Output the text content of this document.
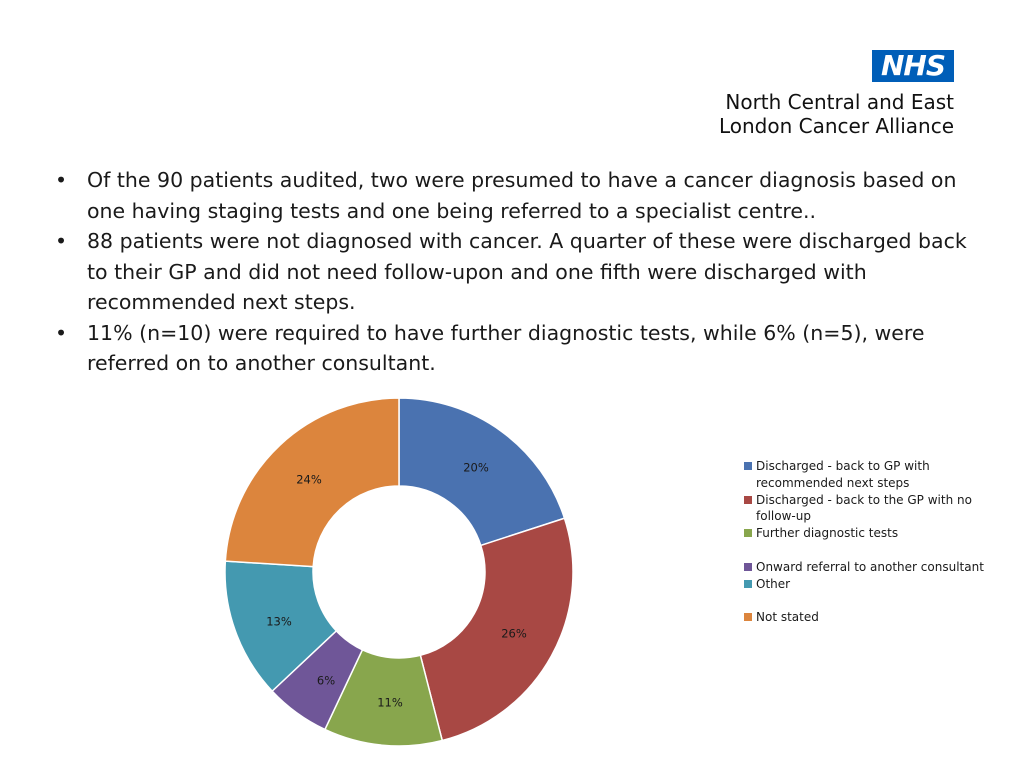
NHS
North Central and East
London Cancer Alliance
• Of the 90 patients audited, two were presumed to have a cancer diagnosis based on one having staging tests and one being referred to a specialist centre..
• 88 patients were not diagnosed with cancer. A quarter of these were discharged back to their GP and did not need follow-upon and one fifth were discharged with recommended next steps.
• 11% (n=10) were required to have further diagnostic tests, while 6% (n=5), were referred on to another consultant.
20%
26%
11%
6%
13%
24%
Discharged - back to GP with recommended next steps
Discharged - back to the GP with no follow-up
Further diagnostic tests
Onward referral to another consultant
Other
Not stated
